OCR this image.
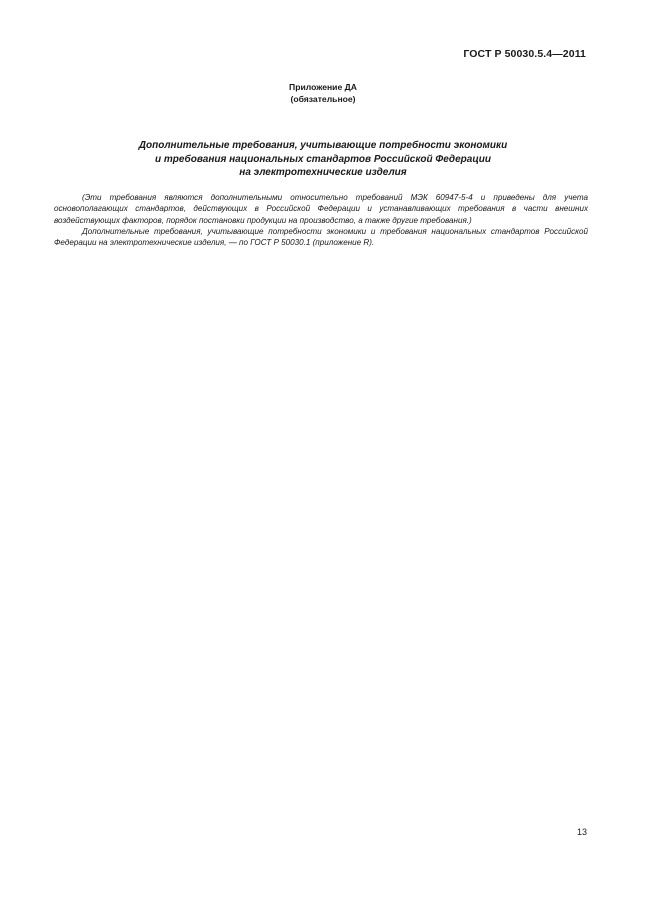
ГОСТ Р 50030.5.4—2011
Приложение ДА
(обязательное)
Дополнительные требования, учитывающие потребности экономики
и требования национальных стандартов Российской Федерации
на электротехнические изделия

(Эти требования являются дополнительными относительно требований МЭК 60947-5-4 и приведены для учета основополагающих стандартов, действующих в Российской Федерации и устанавливающих требования в части внешних воздействующих факторов, порядок постановки продукции на производство, а также другие требования.)

Дополнительные требования, учитывающие потребности экономики и требования национальных стандартов Российской Федерации на электротехнические изделия, — по ГОСТ Р 50030.1 (приложение R).

13
